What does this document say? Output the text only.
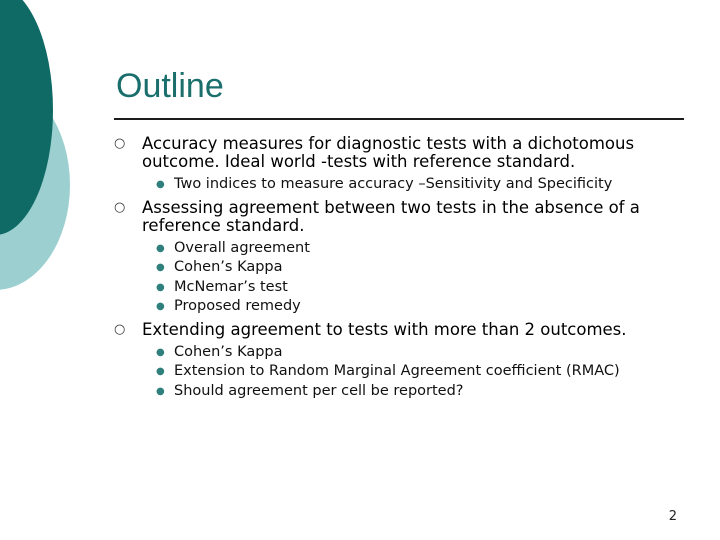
Outline
○ Accuracy measures for diagnostic tests with a dichotomous outcome. Ideal world -tests with reference standard.
● Two indices to measure accuracy –Sensitivity and Specificity
○ Assessing agreement between two tests in the absence of a reference standard.
● Overall agreement
● Cohen’s Kappa
● McNemar’s test
● Proposed remedy
○ Extending agreement to tests with more than 2 outcomes.
● Cohen’s Kappa
● Extension to Random Marginal Agreement coefficient (RMAC)
● Should agreement per cell be reported?
2
